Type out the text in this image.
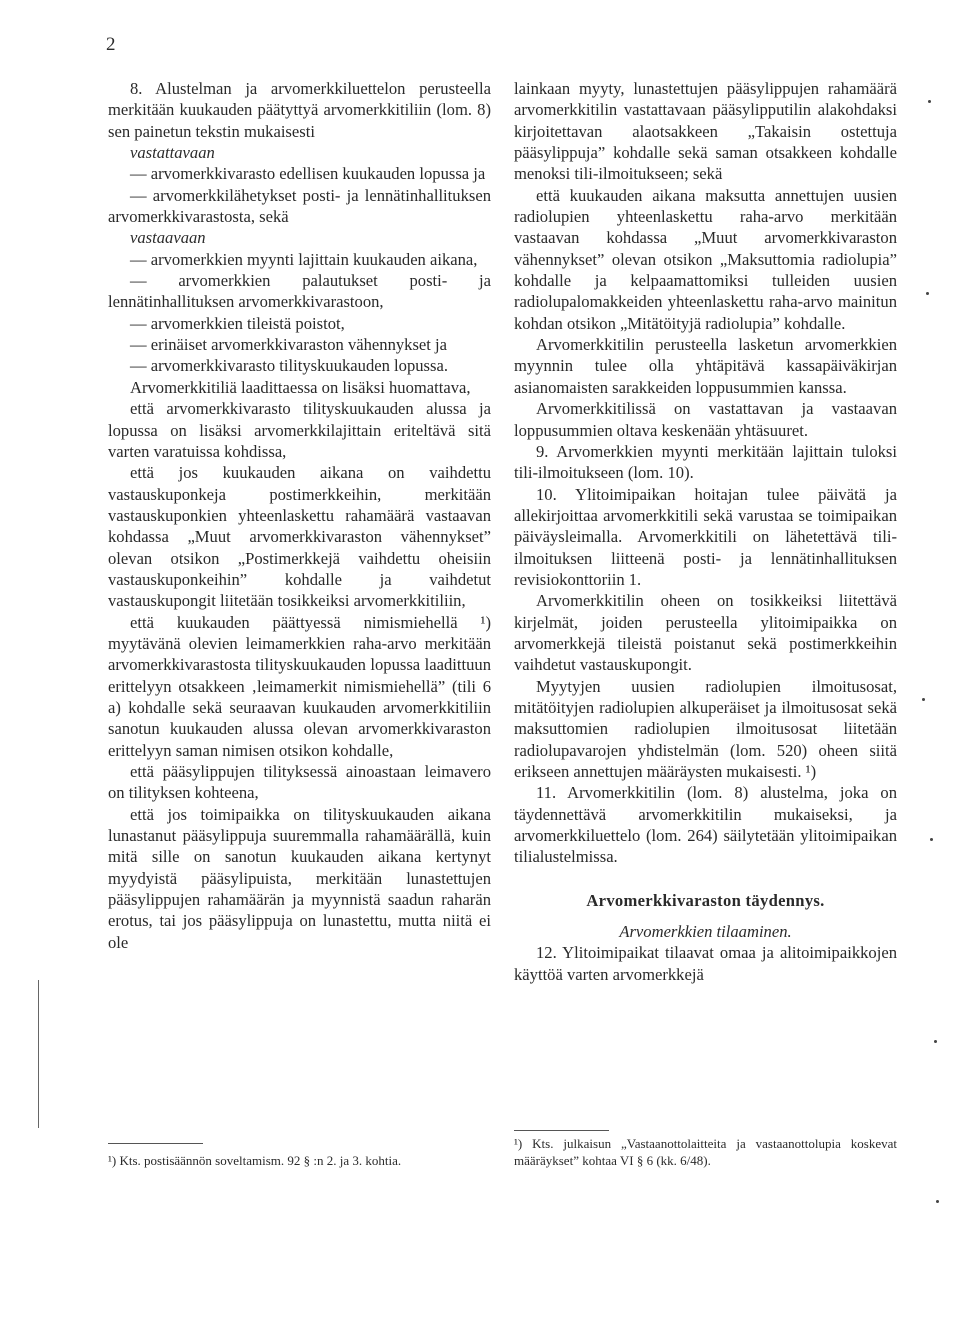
2

8. Alustelman ja arvomerkkiluettelon perusteella merkitään kuukauden päätyttyä arvomerkkitiliin (lom. 8) sen painetun tekstin mukaisesti

vastattavaan

— arvomerkkivarasto edellisen kuukauden lopussa ja

— arvomerkkilähetykset posti- ja lennätinhallituksen arvomerkkivarastosta, sekä

vastaavaan

— arvomerkkien myynti lajittain kuukauden aikana,

— arvomerkkien palautukset posti- ja lennätinhallituksen arvomerkkivarastoon,

— arvomerkkien tileistä poistot,

— erinäiset arvomerkkivaraston vähennykset ja

— arvomerkkivarasto tilityskuukauden lopussa.

Arvomerkkitiliä laadittaessa on lisäksi huomattava,

että arvomerkkivarasto tilityskuukauden alussa ja lopussa on lisäksi arvomerkkilajittain eriteltävä sitä varten varatuissa kohdissa,

että jos kuukauden aikana on vaihdettu vastauskuponkeja postimerkkeihin, merkitään vastauskuponkien yhteenlaskettu rahamäärä vastaavan kohdassa „Muut arvomerkkivaraston vähennykset” olevan otsikon „Postimerkkejä vaihdettu oheisiin vastauskuponkeihin” kohdalle ja vaihdetut vastauskupongit liitetään tosikkeiksi arvomerkkitiliin,

että kuukauden päättyessä nimismiehellä ¹) myytävänä olevien leimamerkkien raha-arvo merkitään arvomerkkivarastosta tilityskuukauden lopussa laadittuun erittelyyn otsakkeen ‚leimamerkit nimismiehellä” (tili 6 a) kohdalle sekä seuraavan kuukauden arvomerkkitiliin sanotun kuukauden alussa olevan arvomerkkivaraston erittelyyn saman nimisen otsikon kohdalle,

että pääsylippujen tilityksessä ainoastaan leimavero on tilityksen kohteena,

että jos toimipaikka on tilityskuukauden aikana lunastanut pääsylippuja suuremmalla rahamäärällä, kuin mitä sille on sanotun kuukauden aikana kertynyt myydyistä pääsylipuista, merkitään lunastettujen pääsylippujen rahamäärän ja myynnistä saadun raharän erotus, tai jos pääsylippuja on lunastettu, mutta niitä ei ole

¹) Kts. postisäännön soveltamism. 92 § :n 2. ja 3. kohtia.

lainkaan myyty, lunastettujen pääsylippujen rahamäärä arvomerkkitilin vastattavaan pääsylipputilin alakohdaksi kirjoitettavan alaotsakkeen „Takaisin ostettuja pääsylippuja” kohdalle sekä saman otsakkeen kohdalle menoksi tili-ilmoitukseen; sekä

että kuukauden aikana maksutta annettujen uusien radiolupien yhteenlaskettu raha-arvo merkitään vastaavan kohdassa „Muut arvomerkkivaraston vähennykset” olevan otsikon „Maksuttomia radiolupia” kohdalle ja kelpaamattomiksi tulleiden uusien radiolupalomakkeiden yhteenlaskettu raha-arvo mainitun kohdan otsikon „Mitätöityjä radiolupia” kohdalle.

Arvomerkkitilin perusteella lasketun arvomerkkien myynnin tulee olla yhtäpitävä kassapäiväkirjan asianomaisten sarakkeiden loppusummien kanssa.

Arvomerkkitilissä on vastattavan ja vastaavan loppusummien oltava keskenään yhtäsuuret.

9. Arvomerkkien myynti merkitään lajittain tuloksi tili-ilmoitukseen (lom. 10).

10. Ylitoimipaikan hoitajan tulee päivätä ja allekirjoittaa arvomerkkitili sekä varustaa se toimipaikan päiväysleimalla. Arvomerkkitili on lähetettävä tili-ilmoituksen liitteenä posti- ja lennätinhallituksen revisiokonttoriin 1.

Arvomerkkitilin oheen on tosikkeiksi liitettävä kirjelmät, joiden perusteella ylitoimipaikka on arvomerkkejä tileistä poistanut sekä postimerkkeihin vaihdetut vastauskupongit.

Myytyjen uusien radiolupien ilmoitusosat, mitätöityjen radiolupien alkuperäiset ja ilmoitusosat sekä maksuttomien radiolupien ilmoitusosat liitetään radiolupavarojen yhdistelmän (lom. 520) oheen siitä erikseen annettujen määräysten mukaisesti. ¹)

11. Arvomerkkitilin (lom. 8) alustelma, joka on täydennettävä arvomerkkitilin mukaiseksi, ja arvomerkkiluettelo (lom. 264) säilytetään ylitoimipaikan tilialustelmissa.

Arvomerkkivaraston täydennys.

Arvomerkkien tilaaminen.

12. Ylitoimipaikat tilaavat omaa ja alitoimipaikkojen käyttöä varten arvomerkkejä

¹) Kts. julkaisun „Vastaanottolaitteita ja vastaanottolupia koskevat määräykset” kohtaa VI § 6 (kk. 6/48).
